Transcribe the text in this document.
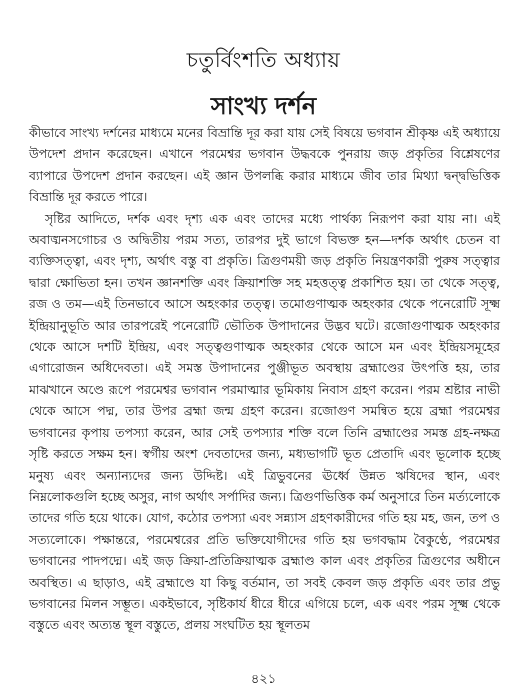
চতুর্বিংশতি অধ্যায়
সাংখ্য দর্শন

কীভাবে সাংখ্য দর্শনের মাধ্যমে মনের বিভ্রান্তি দূর করা যায় সেই বিষয়ে ভগবান শ্রীকৃষ্ণ এই অধ্যায়ে উপদেশ প্রদান করেছেন। এখানে পরমেশ্বর ভগবান উদ্ধবকে পুনরায় জড় প্রকৃতির বিশ্লেষণের ব্যাপারে উপদেশ প্রদান করছেন। এই জ্ঞান উপলব্ধি করার মাধ্যমে জীব তার মিথ্যা দ্বন্দ্বভিত্তিক বিভ্রান্তি দূর করতে পারে।

সৃষ্টির আদিতে, দর্শক এবং দৃশ্য এক এবং তাদের মধ্যে পার্থক্য নিরূপণ করা যায় না। এই অবাঙ্মনসগোচর ও অদ্বিতীয় পরম সত্য, তারপর দুই ভাগে বিভক্ত হন—দর্শক অর্থাৎ চেতন বা ব্যক্তিসত্ত্বা, এবং দৃশ্য, অর্থাৎ বস্তু বা প্রকৃতি। ত্রিগুণময়ী জড় প্রকৃতি নিয়ন্ত্রণকারী পুরুষ সত্ত্বার দ্বারা ক্ষোভিতা হন। তখন জ্ঞানশক্তি এবং ক্রিয়াশক্তি সহ মহত্তত্ত্ব প্রকাশিত হয়। তা থেকে সত্ত্ব, রজ ও তম—এই তিনভাবে আসে অহংকার তত্ত্ব। তমোগুণাত্মক অহংকার থেকে পনেরোটি সূক্ষ্ম ইন্দ্রিয়ানুভূতি আর তারপরেই পনেরোটি ভৌতিক উপাদানের উদ্ভব ঘটে। রজোগুণাত্মক অহংকার থেকে আসে দশটি ইন্দ্রিয়, এবং সত্ত্বগুণাত্মক অহংকার থেকে আসে মন এবং ইন্দ্রিয়সমূহের এগারোজন অধিদেবতা। এই সমস্ত উপাদানের পুঞ্জীভূত অবস্থায় ব্রহ্মাণ্ডের উৎপত্তি হয়, তার মাঝখানে অণ্ডে রূপে পরমেশ্বর ভগবান পরমাত্মার ভূমিকায় নিবাস গ্রহণ করেন। পরম শ্রষ্টার নাভী থেকে আসে পদ্ম, তার উপর ব্রহ্মা জন্ম গ্রহণ করেন। রজোগুণ সমন্বিত হয়ে ব্রহ্মা পরমেশ্বর ভগবানের কৃপায় তপস্যা করেন, আর সেই তপস্যার শক্তি বলে তিনি ব্রহ্মাণ্ডের সমস্ত গ্রহ-নক্ষত্র সৃষ্টি করতে সক্ষম হন। স্বর্গীয় অংশ দেবতাদের জন্য, মধ্যভাগটি ভূত প্রেতাদি এবং ভূলোক হচ্ছে মনুষ্য এবং অন্যান্যদের জন্য উদ্দিষ্ট। এই ত্রিভুবনের ঊর্ধ্বে উন্নত ঋষিদের স্থান, এবং নিম্নলোকগুলি হচ্ছে অসুর, নাগ অর্থাৎ সর্পাদির জন্য। ত্রিগুণভিত্তিক কর্ম অনুসারে তিন মর্ত্যলোকে তাদের গতি হয়ে থাকে। যোগ, কঠোর তপস্যা এবং সন্ন্যাস গ্রহণকারীদের গতি হয় মহ, জন, তপ ও সত্যলোকে। পক্ষান্তরে, পরমেশ্বরের প্রতি ভক্তিযোগীদের গতি হয় ভগবদ্ধাম বৈকুণ্ঠে, পরমেশ্বর ভগবানের পাদপদ্মে। এই জড় ক্রিয়া-প্রতিক্রিয়াত্মক ব্রহ্মাণ্ড কাল এবং প্রকৃতির ত্রিগুণের অধীনে অবস্থিত। এ ছাড়াও, এই ব্রহ্মাণ্ডে যা কিছু বর্তমান, তা সবই কেবল জড় প্রকৃতি এবং তার প্রভু ভগবানের মিলন সম্ভূত। একইভাবে, সৃষ্টিকার্য ধীরে ধীরে এগিয়ে চলে, এক এবং পরম সূক্ষ্ম থেকে বস্তুতে এবং অত্যন্ত স্থূল বস্তুতে, প্রলয় সংঘটিত হয় স্থূলতম

৪২১
